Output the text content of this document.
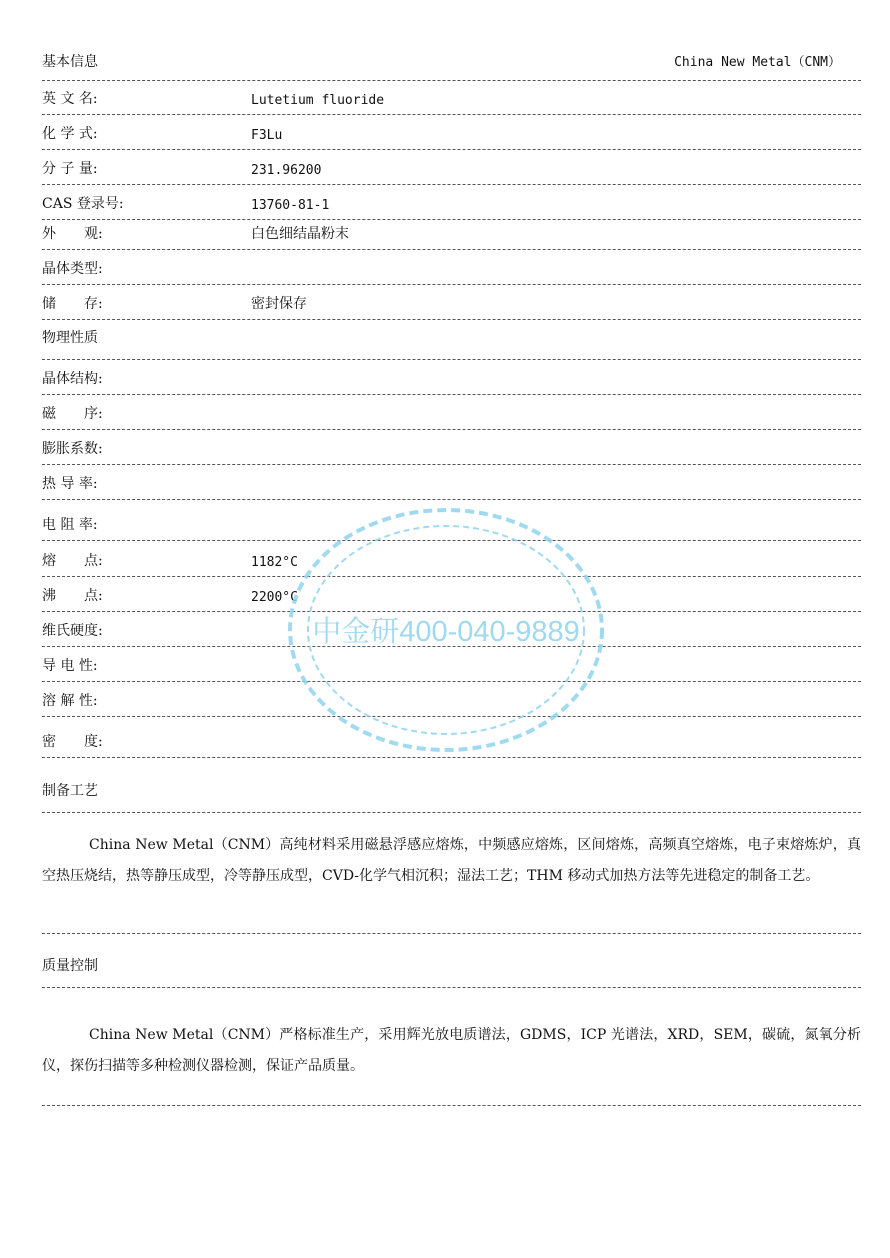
基本信息	China New Metal（CNM）
英 文 名:	Lutetium fluoride
化 学 式:	F3Lu
分 子 量:	231.96200
CAS 登录号:	13760-81-1
外　　观:	白色细结晶粉末
晶体类型:
储　　存:	密封保存
物理性质
晶体结构:
磁　　序:
膨胀系数:
热 导 率:
电 阻 率:
熔　　点:	1182°C
沸　　点:	2200°C
维氏硬度:
导 电 性:
溶 解 性:
密　　度:
制备工艺

China New Metal（CNM）高纯材料采用磁悬浮感应熔炼，中频感应熔炼，区间熔炼，高频真空熔炼，电子束熔炼炉，真空热压烧结，热等静压成型，冷等静压成型，CVD-化学气相沉积；湿法工艺；THM 移动式加热方法等先进稳定的制备工艺。

质量控制

China New Metal（CNM）严格标准生产，采用辉光放电质谱法，GDMS，ICP 光谱法，XRD，SEM，碳硫，氮氧分析仪，探伤扫描等多种检测仪器检测，保证产品质量。

中金研400-040-9889
